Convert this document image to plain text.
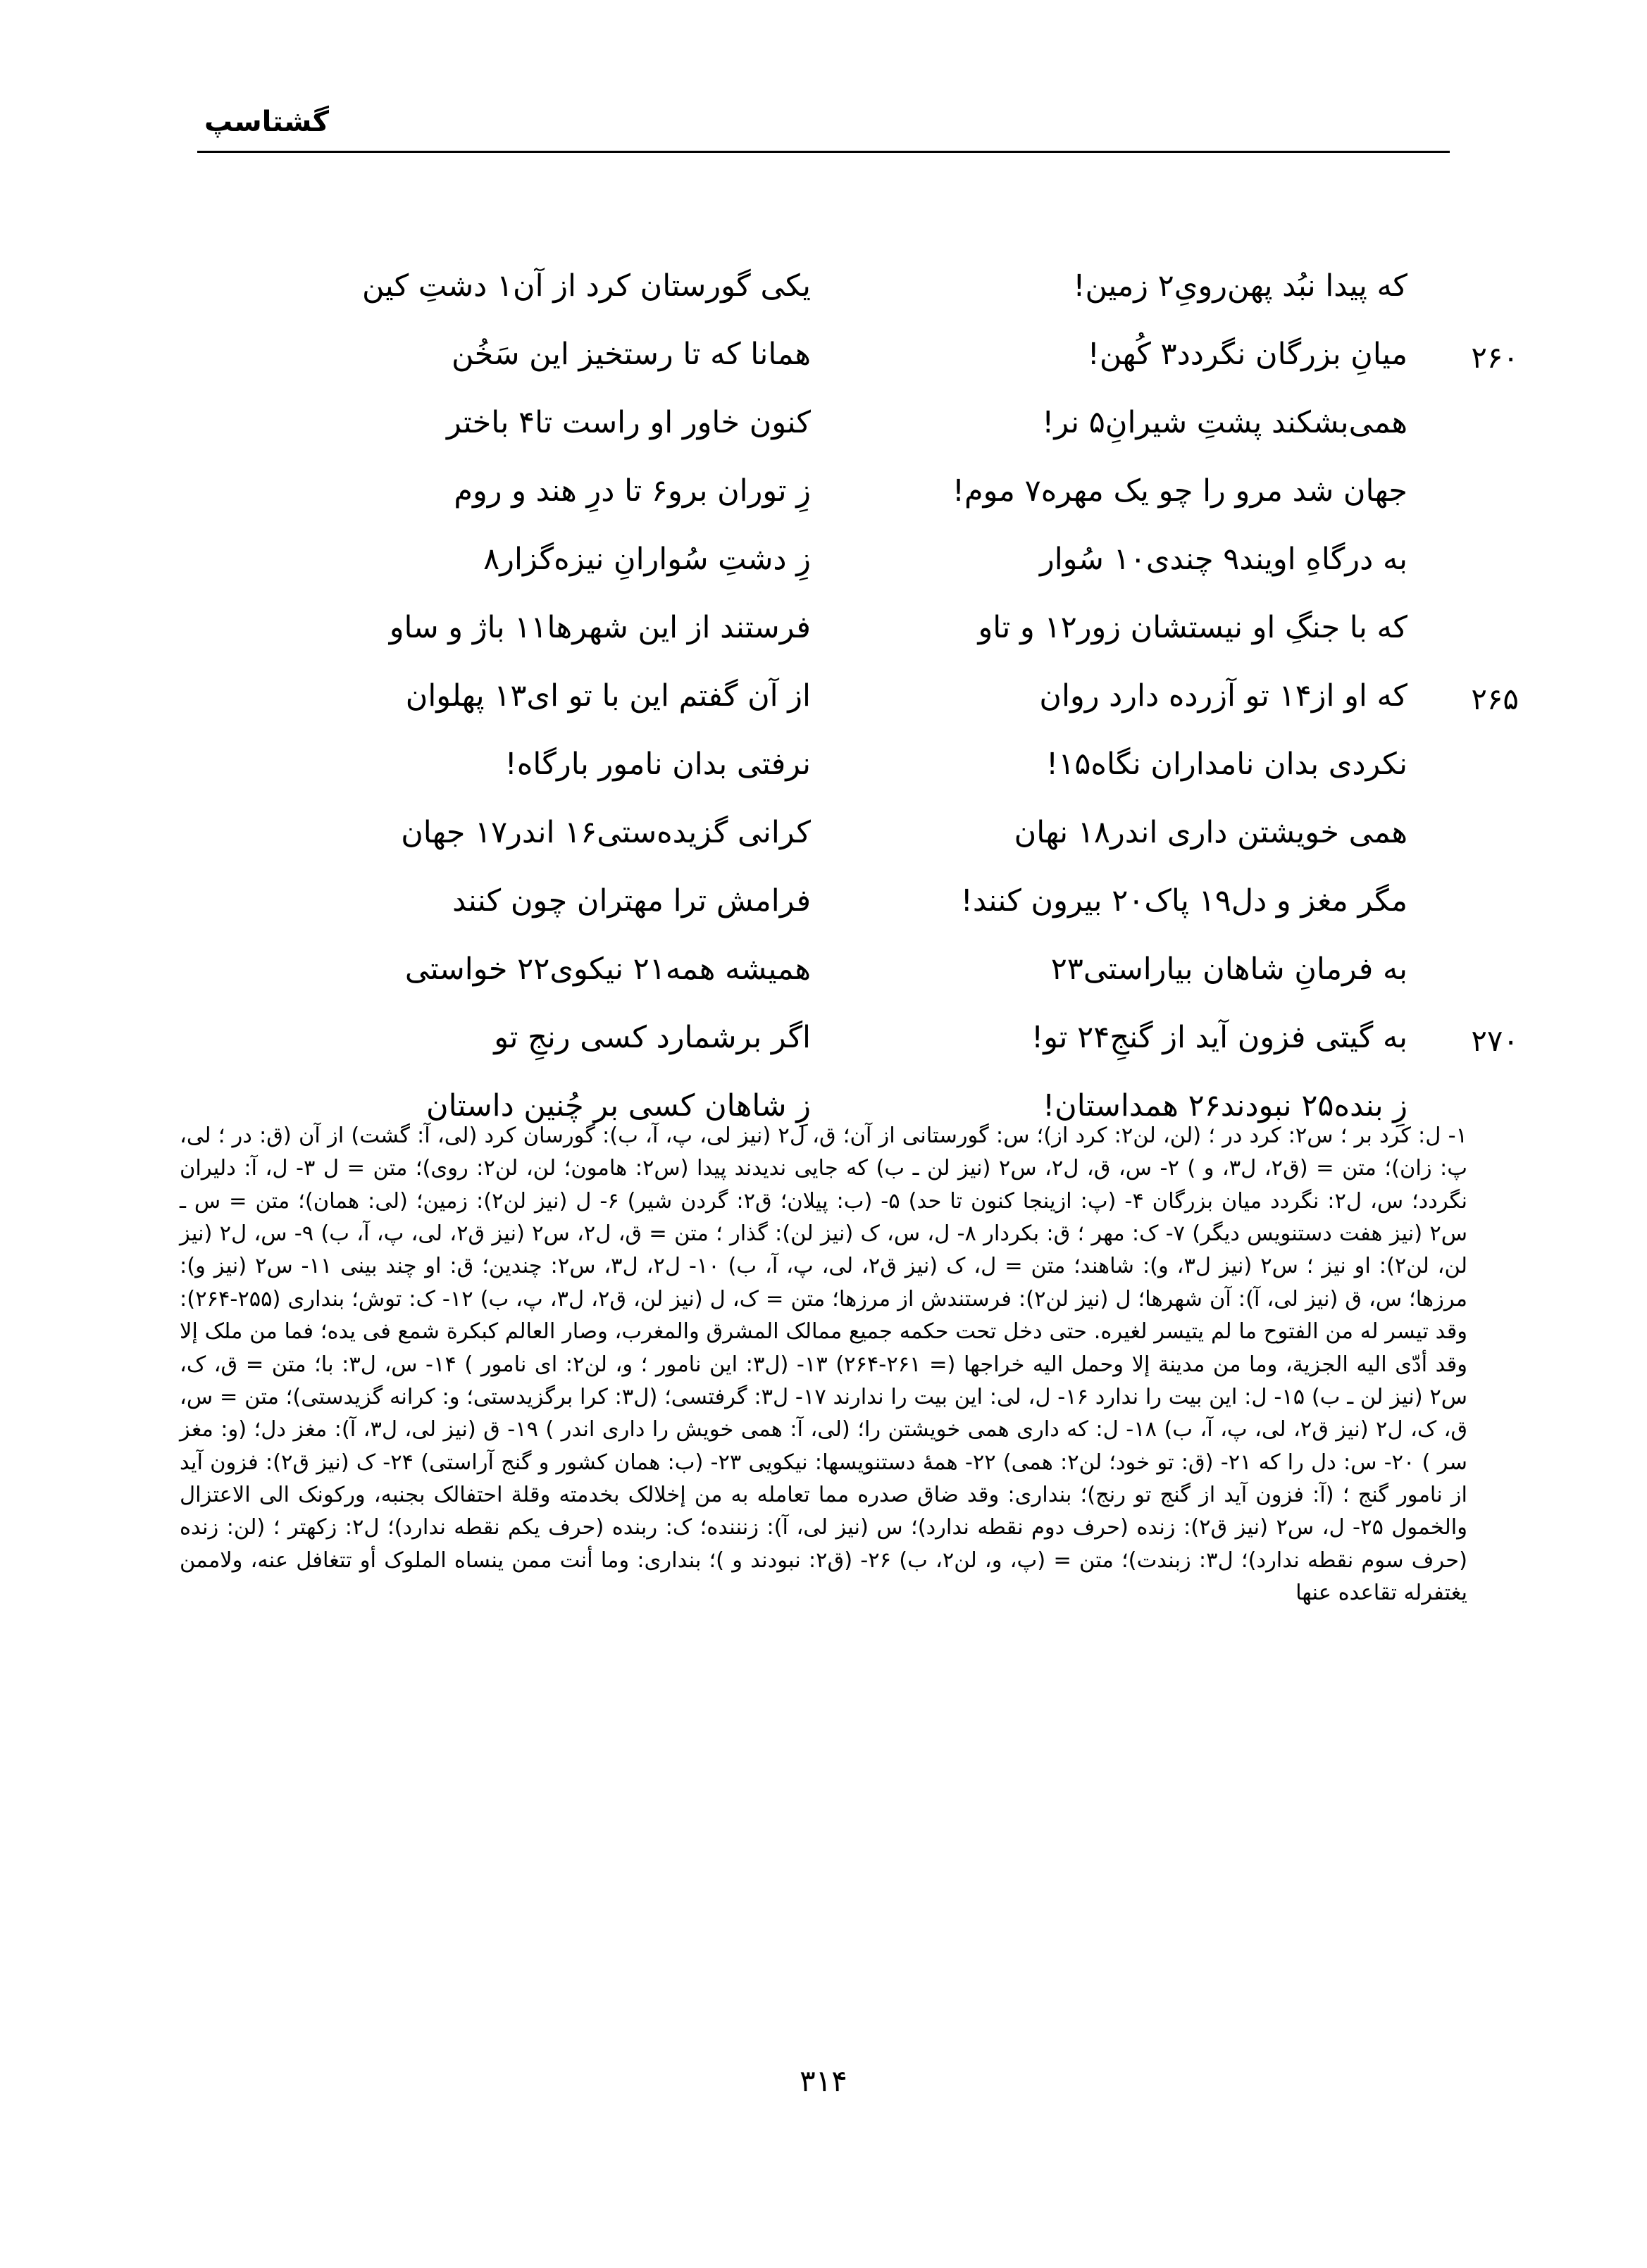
گشتاسپ
که پیدا نبُد پهن‌رویِ۲ زمین!
یکی گورستان کرد از آن۱ دشتِ کین
۲۶۰
میانِ بزرگان نگردد۳ کُهن!
همانا که تا رستخیز این سَخُن
همی‌بشکند پشتِ شیرانِ۵ نر!
کنون خاور او راست تا۴ باختر
جهان شد مرو را چو یک مهره۷ موم!
زِ توران برو۶ تا درِ هند و روم
به درگاهِ اویند۹ چندی۱۰ سُوار
زِ دشتِ سُوارانِ نیزه‌گزار۸
که با جنگِ او نیستشان زور۱۲ و تاو
فرستند از این شهرها۱۱ باژ و ساو
۲۶۵
که او از۱۴ تو آزرده دارد روان
از آن گفتم این با تو ای۱۳ پهلوان
نکردی بدان نامداران نگاه۱۵!
نرفتی بدان نامور بارگاه!
همی خویشتن داری اندر۱۸ نهان
کرانی گزیده‌ستی۱۶ اندر۱۷ جهان
مگر مغز و دل۱۹ پاک۲۰ بیرون کنند!
فرامش ترا مهتران چون کنند
به فرمانِ شاهان بیاراستی۲۳
همیشه همه۲۱ نیکوی۲۲ خواستی
۲۷۰
به گیتی فزون آید از گنجِ۲۴ تو!
اگر برشمارد کسی رنجِ تو
زِ بنده۲۵ نبودند۲۶ همداستان!
زِ شاهان کسی بر چُنین داستان

۱- ل: کرد بر ؛ س۲: کرد در ؛ (لن، لن۲: کرد از)؛ س: گورستانی از آن؛ ق، ل۲ (نیز لی، پ، آ، ب): گورسان کرد (لی، آ: گشت) از آن (ق: در ؛ لی، پ: زان)؛ متن = (ق۲، ل۳، و ) ۲- س، ق، ل۲، س۲ (نیز لن ـ ب) که جایی ندیدند پیدا (س۲: هامون؛ لن، لن۲: روی)؛ متن = ل ۳- ل، آ: دلیران نگردد؛ س، ل۲: نگردد میان بزرگان ۴- (پ: ازینجا کنون تا حد) ۵- (ب: پیلان؛ ق۲: گردن شیر) ۶- ل (نیز لن۲): زمین؛ (لی: همان)؛ متن = س ـ س۲ (نیز هفت دستنویس دیگر) ۷- ک: مهر ؛ ق: بکردار ۸- ل، س، ک (نیز لن): گذار ؛ متن = ق، ل۲، س۲ (نیز ق۲، لی، پ، آ، ب) ۹- س، ل۲ (نیز لن، لن۲): او نیز ؛ س۲ (نیز ل۳، و): شاهند؛ متن = ل، ک (نیز ق۲، لی، پ، آ، ب) ۱۰- ل۲، ل۳، س۲: چندین؛ ق: او چند بینی ۱۱- س۲ (نیز و): مرزها؛ س، ق (نیز لی، آ): آن شهرها؛ ل (نیز لن۲): فرستندش از مرزها؛ متن = ک، ل (نیز لن، ق۲، ل۳، پ، ب) ۱۲- ک: توش؛ بنداری (۲۵۵-۲۶۴): وقد تیسر له من الفتوح ما لم یتیسر لغیره. حتی دخل تحت حکمه جمیع ممالک المشرق والمغرب، وصار العالم کبکرة شمع فی یده؛ فما من ملک إلا وقد أدّی الیه الجزیة، وما من مدینة إلا وحمل الیه خراجها (= ۲۶۱-۲۶۴) ۱۳- (ل۳: این نامور ؛ و، لن۲: ای نامور ) ۱۴- س، ل۳: با؛ متن = ق، ک، س۲ (نیز لن ـ ب) ۱۵- ل: این بیت را ندارد ۱۶- ل، لی: این بیت را ندارند ۱۷- ل۳: گرفتسی؛ (ل۳: کرا برگزیدستی؛ و: کرانه گزیدستی)؛ متن = س، ق، ک، ل۲ (نیز ق۲، لی، پ، آ، ب) ۱۸- ل: که داری همی خویشتن را؛ (لی، آ: همی خویش را داری اندر ) ۱۹- ق (نیز لی، ل۳، آ): مغز دل؛ (و: مغز سر ) ۲۰- س: دل را که ۲۱- (ق: تو خود؛ لن۲: همی) ۲۲- همهٔ دستنویسها: نیکویی ۲۳- (ب: همان کشور و گنج آراستی) ۲۴- ک (نیز ق۲): فزون آید از نامور گنج ؛ (آ: فزون آید از گنج تو رنج)؛ بنداری: وقد ضاق صدره مما تعامله به من إخلالک بخدمته وقلة احتفالک بجنبه، ورکونک الی الاعتزال والخمول ۲۵- ل، س۲ (نیز ق۲): زنده (حرف دوم نقطه ندارد)؛ س (نیز لی، آ): زنننده؛ ک: ربنده (حرف یکم نقطه ندارد)؛ ل۲: زکهتر ؛ (لن: زنده (حرف سوم نقطه ندارد)؛ ل۳: زبندت)؛ متن = (پ، و، لن۲، ب) ۲۶- (ق۲: نبودند و )؛ بنداری: وما أنت ممن ینساه الملوک أو تتغافل عنه، ولاممن یغتفرله تقاعده عنها

۳۱۴
